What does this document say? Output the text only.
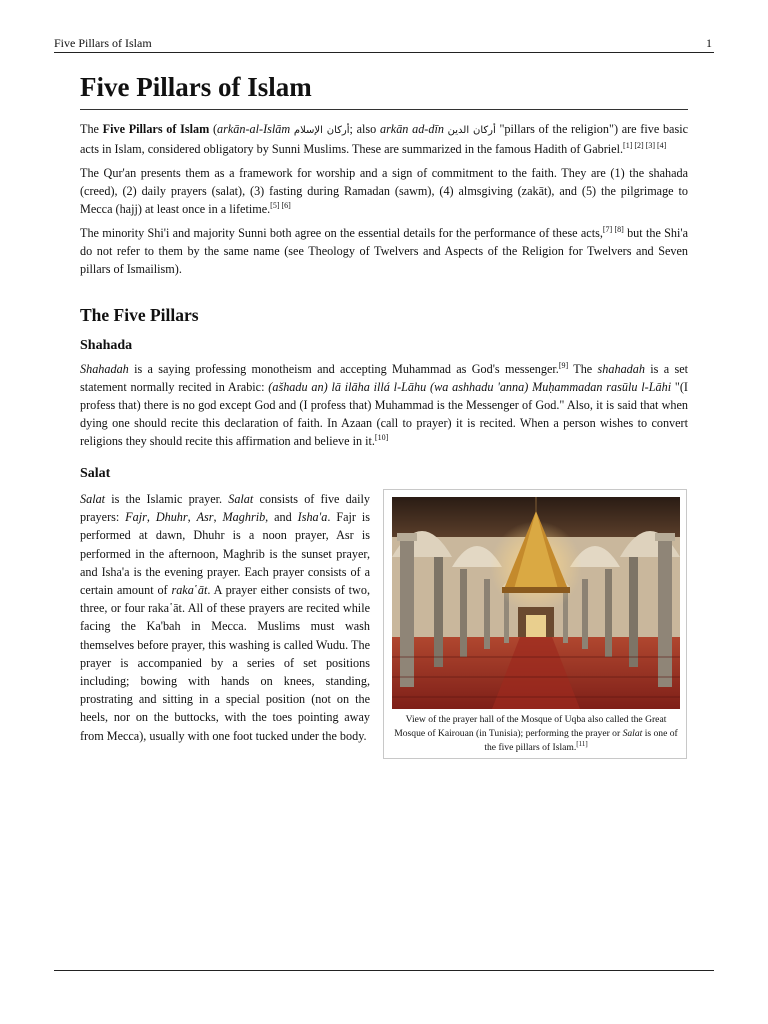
Five Pillars of Islam	1
Five Pillars of Islam

The Five Pillars of Islam (arkān-al-Islām أركان الإسلام; also arkān ad-dīn أركان الدين "pillars of the religion") are five basic acts in Islam, considered obligatory by Sunni Muslims. These are summarized in the famous Hadith of Gabriel.[1] [2] [3] [4]

The Qur'an presents them as a framework for worship and a sign of commitment to the faith. They are (1) the shahada (creed), (2) daily prayers (salat), (3) fasting during Ramadan (sawm), (4) almsgiving (zakāt), and (5) the pilgrimage to Mecca (hajj) at least once in a lifetime.[5] [6]

The minority Shi'i and majority Sunni both agree on the essential details for the performance of these acts,[7] [8] but the Shi'a do not refer to them by the same name (see Theology of Twelvers and Aspects of the Religion for Twelvers and Seven pillars of Ismailism).

The Five Pillars
Shahada

Shahadah is a saying professing monotheism and accepting Muhammad as God's messenger.[9] The shahadah is a set statement normally recited in Arabic: (ašhadu an) lā ilāha illá l-Lāhu (wa ashhadu 'anna) Muḥammadan rasūlu l-Lāhi "(I profess that) there is no god except God and (I profess that) Muhammad is the Messenger of God." Also, it is said that when dying one should recite this declaration of faith. In Azaan (call to prayer) it is recited. When a person wishes to convert religions they should recite this affirmation and believe in it.[10]

Salat

Salat is the Islamic prayer. Salat consists of five daily prayers: Fajr, Dhuhr, Asr, Maghrib, and Isha'a. Fajr is performed at dawn, Dhuhr is a noon prayer, Asr is performed in the afternoon, Maghrib is the sunset prayer, and Isha'a is the evening prayer. Each prayer consists of a certain amount of raka῾āt. A prayer either consists of two, three, or four raka῾āt. All of these prayers are recited while facing the Ka'bah in Mecca. Muslims must wash themselves before prayer, this washing is called Wudu. The prayer is accompanied by a series of set positions including; bowing with hands on knees, standing, prostrating and sitting in a special position (not on the heels, nor on the buttocks, with the toes pointing away from Mecca), usually with one foot tucked under the body.

View of the prayer hall of the Mosque of Uqba also called the Great Mosque of Kairouan (in Tunisia); performing the prayer or Salat is one of the five pillars of Islam.[11]
